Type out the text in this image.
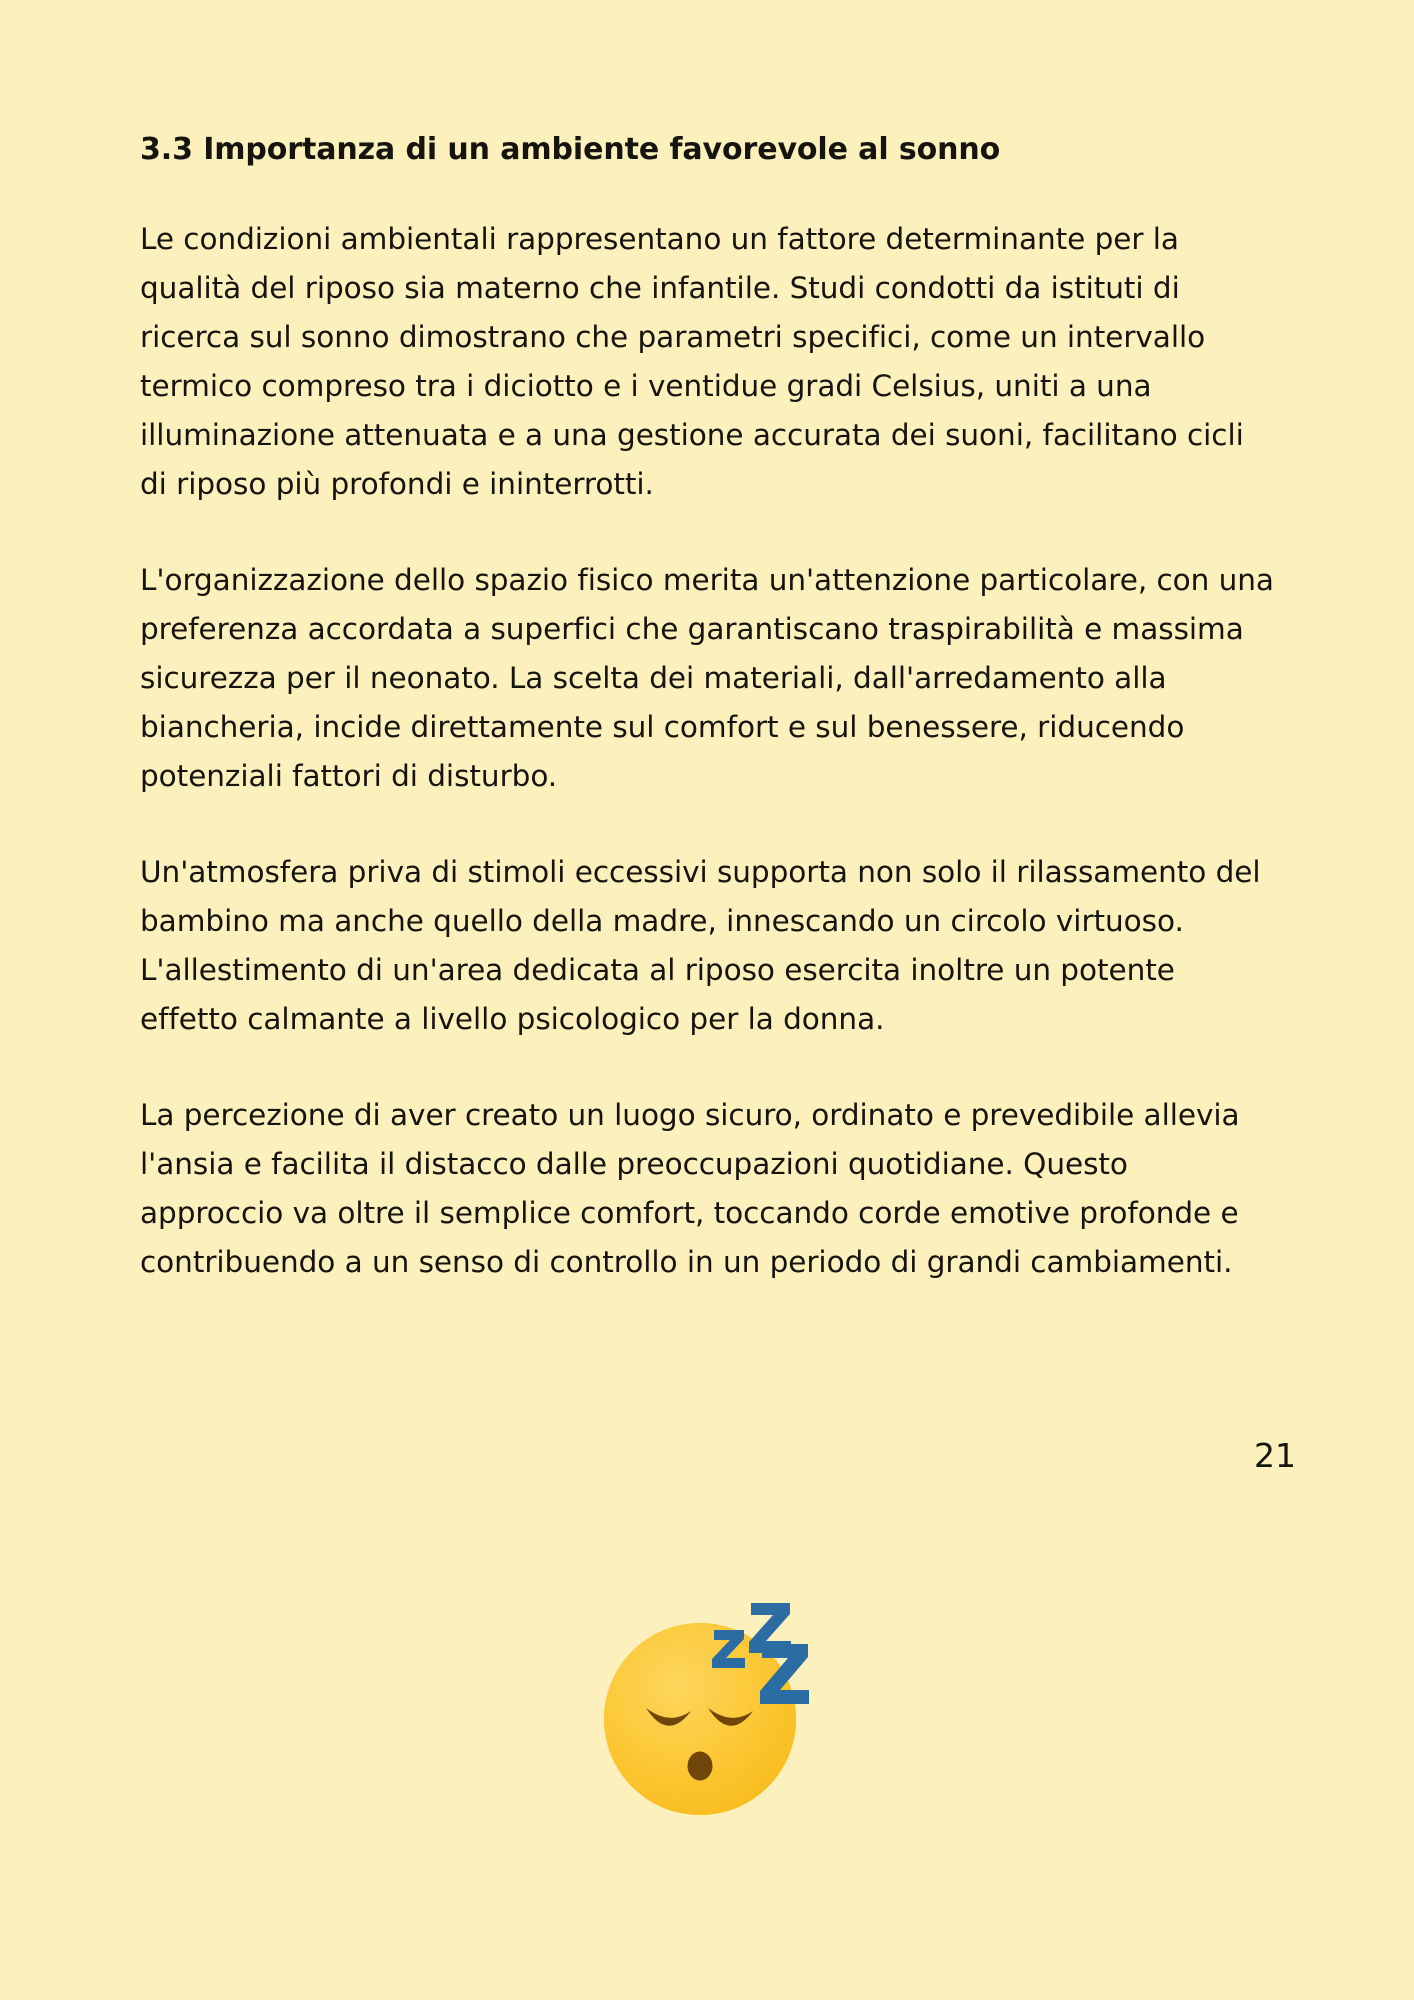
3.3 Importanza di un ambiente favorevole al sonno

Le condizioni ambientali rappresentano un fattore determinante per la qualità del riposo sia materno che infantile. Studi condotti da istituti di ricerca sul sonno dimostrano che parametri specifici, come un intervallo termico compreso tra i diciotto e i ventidue gradi Celsius, uniti a una illuminazione attenuata e a una gestione accurata dei suoni, facilitano cicli di riposo più profondi e ininterrotti.

L'organizzazione dello spazio fisico merita un'attenzione particolare, con una preferenza accordata a superfici che garantiscano traspirabilità e massima sicurezza per il neonato. La scelta dei materiali, dall'arredamento alla biancheria, incide direttamente sul comfort e sul benessere, riducendo potenziali fattori di disturbo.

Un'atmosfera priva di stimoli eccessivi supporta non solo il rilassamento del bambino ma anche quello della madre, innescando un circolo virtuoso. L'allestimento di un'area dedicata al riposo esercita inoltre un potente effetto calmante a livello psicologico per la donna.

La percezione di aver creato un luogo sicuro, ordinato e prevedibile allevia l'ansia e facilita il distacco dalle preoccupazioni quotidiane. Questo approccio va oltre il semplice comfort, toccando corde emotive profonde e contribuendo a un senso di controllo in un periodo di grandi cambiamenti.

21
